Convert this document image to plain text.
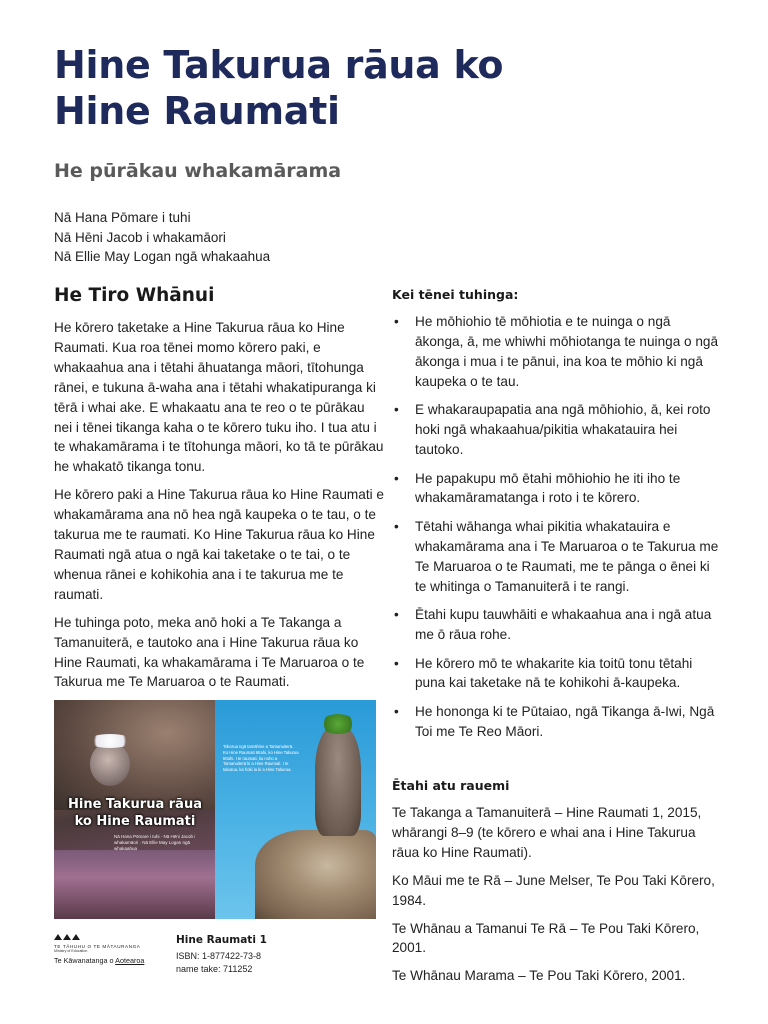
Hine Takurua rāua ko
Hine Raumati
He pūrākau whakamārama
Nā Hana Pōmare i tuhi
Nā Hēni Jacob i whakamāori
Nā Ellie May Logan ngā whakaahua
He Tiro Whānui

He kōrero taketake a Hine Takurua rāua ko Hine Raumati. Kua roa tēnei momo kōrero paki, e whakaahua ana i tētahi āhuatanga māori, tītohunga rānei, e tukuna ā-waha ana i tētahi whakatipuranga ki tērā i whai ake. E whakaatu ana te reo o te pūrākau nei i tēnei tikanga kaha o te kōrero tuku iho. I tua atu i te whakamārama i te tītohunga māori, ko tā te pūrākau he whakatō tikanga tonu.

He kōrero paki a Hine Takurua rāua ko Hine Raumati e whakamārama ana nō hea ngā kaupeka o te tau, o te takurua me te raumati. Ko Hine Takurua rāua ko Hine Raumati ngā atua o ngā kai taketake o te tai, o te whenua rānei e kohikohia ana i te takurua me te raumati.

He tuhinga poto, meka anō hoki a Te Takanga a Tamanuiterā, e tautoko ana i Hine Takurua rāua ko Hine Raumati, ka whakamārama i Te Maruaroa o te Takurua me Te Maruaroa o te Raumati.

Hine Takurua rāua
ko Hine Raumati
Nā Hana Pōmare i tuhi · Nā Hēni Jacob i whakamāori · Nā Ellie May Logan ngā whakaahua
Tokorua ngā tamāhine a Tamanuiterā. Ko Hine Raumati tētahi, ko Hine Takurua tētahi. I te raumati, ka noho a Tamanuiterā ki a Hine Raumati. I te takurua, ka hoki ia ki a Hine Takurua.
TE TĀHUHU O TE MĀTAURANGA
Ministry of Education
Te Kāwanatanga o Aotearoa
Hine Raumati 1
ISBN: 1-877422-73-8
name take: 711252
Kei tēnei tuhinga:
• He mōhiohio tē mōhiotia e te nuinga o ngā ākonga, ā, me whiwhi mōhiotanga te nuinga o ngā ākonga i mua i te pānui, ina koa te mōhio ki ngā kaupeka o te tau.
• E whakaraupapatia ana ngā mōhiohio, ā, kei roto hoki ngā whakaahua/pikitia whakatauira hei tautoko.
• He papakupu mō ētahi mōhiohio he iti iho te whakamāramatanga i roto i te kōrero.
• Tētahi wāhanga whai pikitia whakatauira e whakamārama ana i Te Maruaroa o te Takurua me Te Maruaroa o te Raumati, me te pānga o ēnei ki te whitinga o Tamanuiterā i te rangi.
• Ētahi kupu tauwhāiti e whakaahua ana i ngā atua me ō rāua rohe.
• He kōrero mō te whakarite kia toitū tonu tētahi puna kai taketake nā te kohikohi ā-kaupeka.
• He hononga ki te Pūtaiao, ngā Tikanga ā-Iwi, Ngā Toi me Te Reo Māori.
Ētahi atu rauemi

Te Takanga a Tamanuiterā – Hine Raumati 1, 2015, whārangi 8–9 (te kōrero e whai ana i Hine Takurua rāua ko Hine Raumati).

Ko Māui me te Rā – June Melser, Te Pou Taki Kōrero, 1984.

Te Whānau a Tamanui Te Rā – Te Pou Taki Kōrero, 2001.

Te Whānau Marama – Te Pou Taki Kōrero, 2001.
